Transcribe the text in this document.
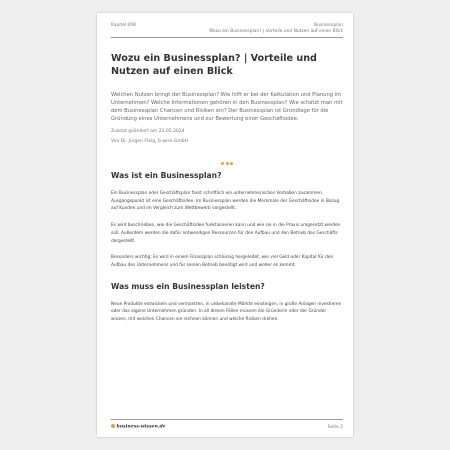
Kapitel 008	Businessplan
Wozu ein Businessplan? | Vorteile und Nutzen auf einen Blick
Wozu ein Businessplan? | Vorteile und
Nutzen auf einen Blick

Welchen Nutzen bringt der Businessplan? Wie hilft er bei der Kalkulation und Planung im Unternehmen? Welche Informationen gehören in den Businessplan? Wie schätzt man mit dem Businessplan Chancen und Risiken ein? Der Businessplan ist Grundlage für die Gründung eines Unternehmens und zur Bewertung einer Geschäftsidee.

Zuletzt geändert am 23.05.2024

Von Dr. Jürgen Fleig, b-wise GmbH

Was ist ein Businessplan?

Ein Businessplan oder Geschäftsplan fasst schriftlich ein unternehmerisches Vorhaben zusammen. Ausgangspunkt ist eine Geschäftsidee. Im Businessplan werden die Merkmale der Geschäftsidee in Bezug auf Kunden und im Vergleich zum Wettbewerb vorgestellt.

Es wird beschrieben, wie die Geschäftsidee funktionieren kann und wie sie in die Praxis umgesetzt werden soll. Außerdem werden die dafür notwendigen Ressourcen für den Aufbau und den Betrieb des Geschäfts dargestellt.

Besonders wichtig: Es wird in einem Finanzplan schlüssig hergeleitet, wie viel Geld oder Kapital für den Aufbau des Unternehmens und für seinen Betrieb benötigt wird und woher es kommt.

Was muss ein Businessplan leisten?

Neue Produkte entwickeln und vermarkten, in unbekannte Märkte einsteigen, in große Anlagen investieren oder das eigene Unternehmen gründen. In all diesen Fällen müssen die Gründerin oder der Gründer wissen, mit welchen Chancen sie rechnen können und welche Risiken drohen.

business-wissen.de	Seite 2
